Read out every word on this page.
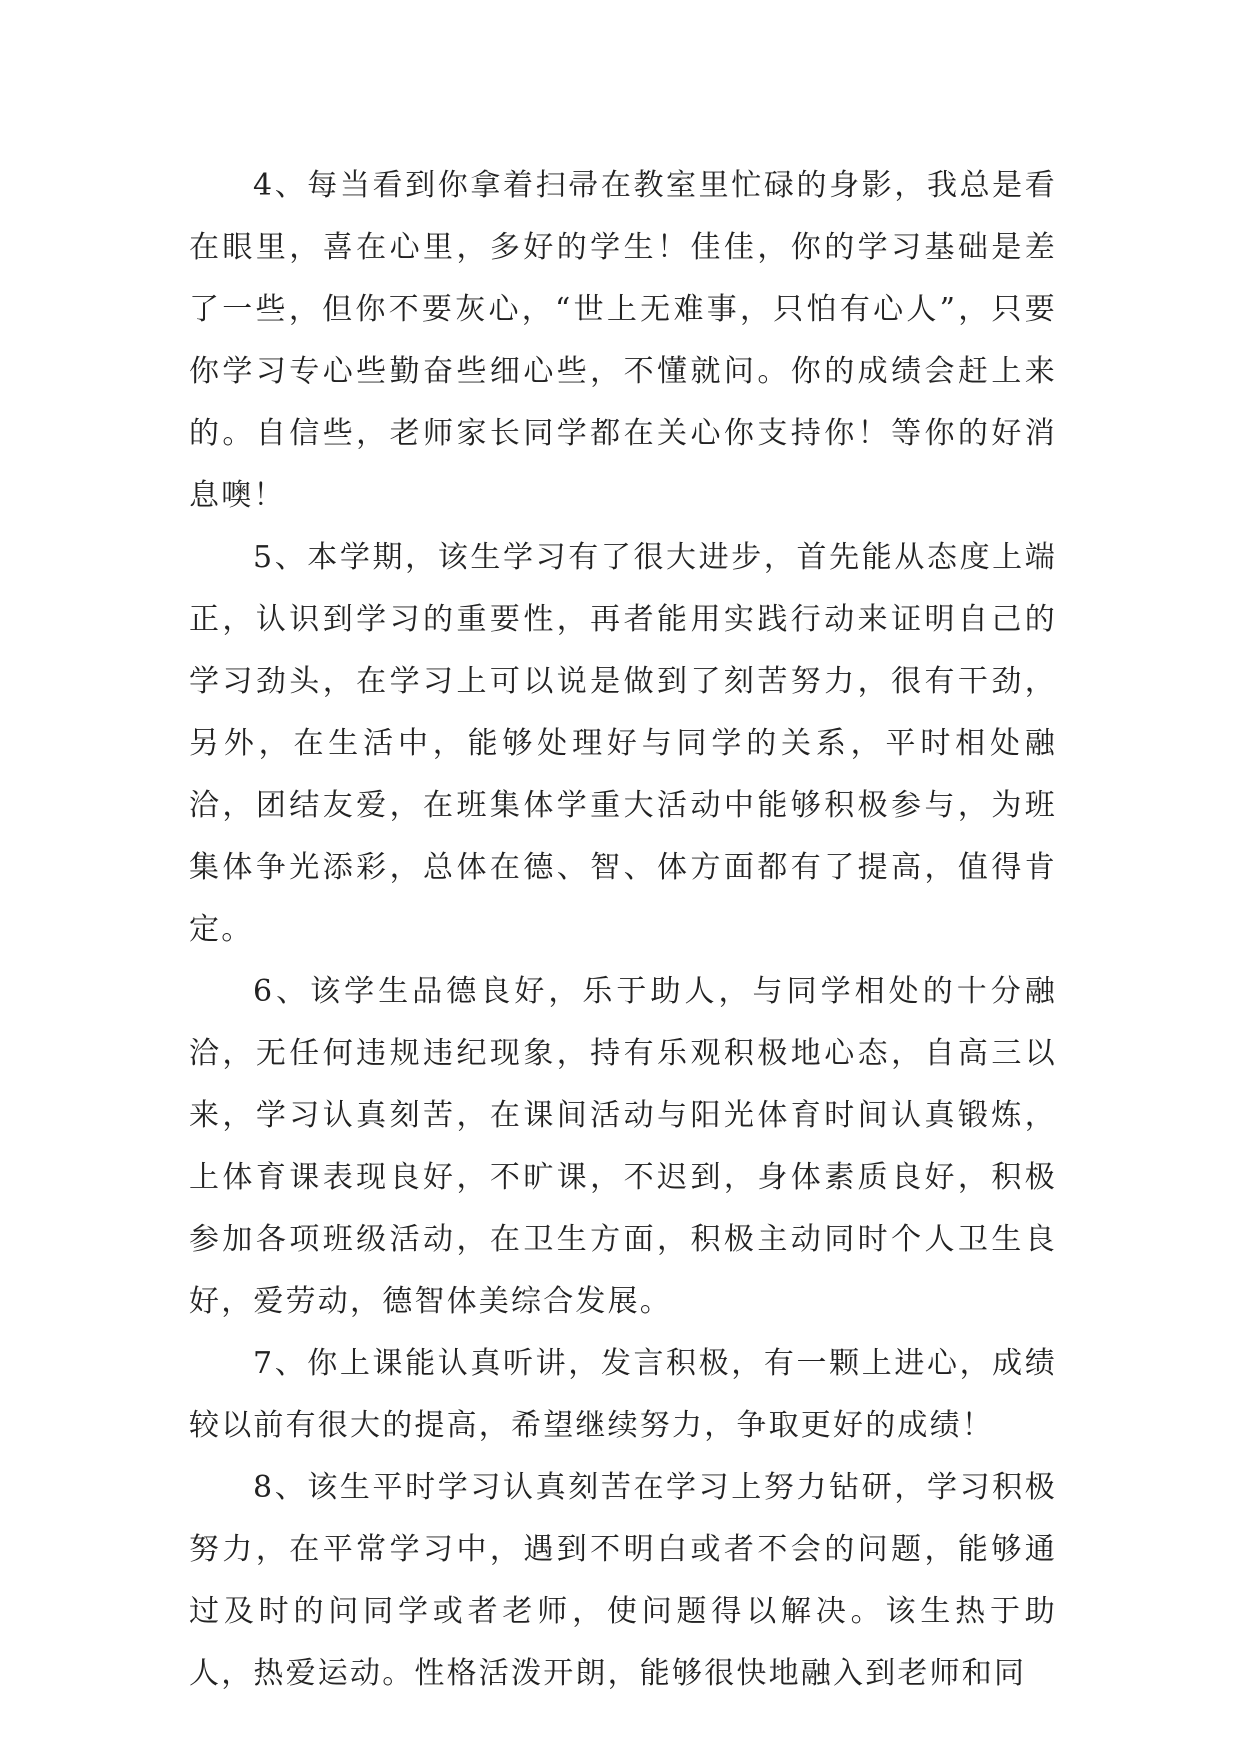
4、每当看到你拿着扫帚在教室里忙碌的身影，我总是看在眼里，喜在心里，多好的学生！佳佳，你的学习基础是差了一些，但你不要灰心，“世上无难事，只怕有心人”，只要你学习专心些勤奋些细心些，不懂就问。你的成绩会赶上来的。自信些，老师家长同学都在关心你支持你！等你的好消息噢！

5、本学期，该生学习有了很大进步，首先能从态度上端正，认识到学习的重要性，再者能用实践行动来证明自己的学习劲头，在学习上可以说是做到了刻苦努力，很有干劲，另外，在生活中，能够处理好与同学的关系，平时相处融洽，团结友爱，在班集体学重大活动中能够积极参与，为班集体争光添彩，总体在德、智、体方面都有了提高，值得肯定。

6、该学生品德良好，乐于助人，与同学相处的十分融洽，无任何违规违纪现象，持有乐观积极地心态，自高三以来，学习认真刻苦，在课间活动与阳光体育时间认真锻炼，上体育课表现良好，不旷课，不迟到，身体素质良好，积极参加各项班级活动，在卫生方面，积极主动同时个人卫生良好，爱劳动，德智体美综合发展。

7、你上课能认真听讲，发言积极，有一颗上进心，成绩较以前有很大的提高，希望继续努力，争取更好的成绩！

8、该生平时学习认真刻苦在学习上努力钻研，学习积极努力，在平常学习中，遇到不明白或者不会的问题，能够通过及时的问同学或者老师，使问题得以解决。该生热于助人，热爱运动。性格活泼开朗，能够很快地融入到老师和同
